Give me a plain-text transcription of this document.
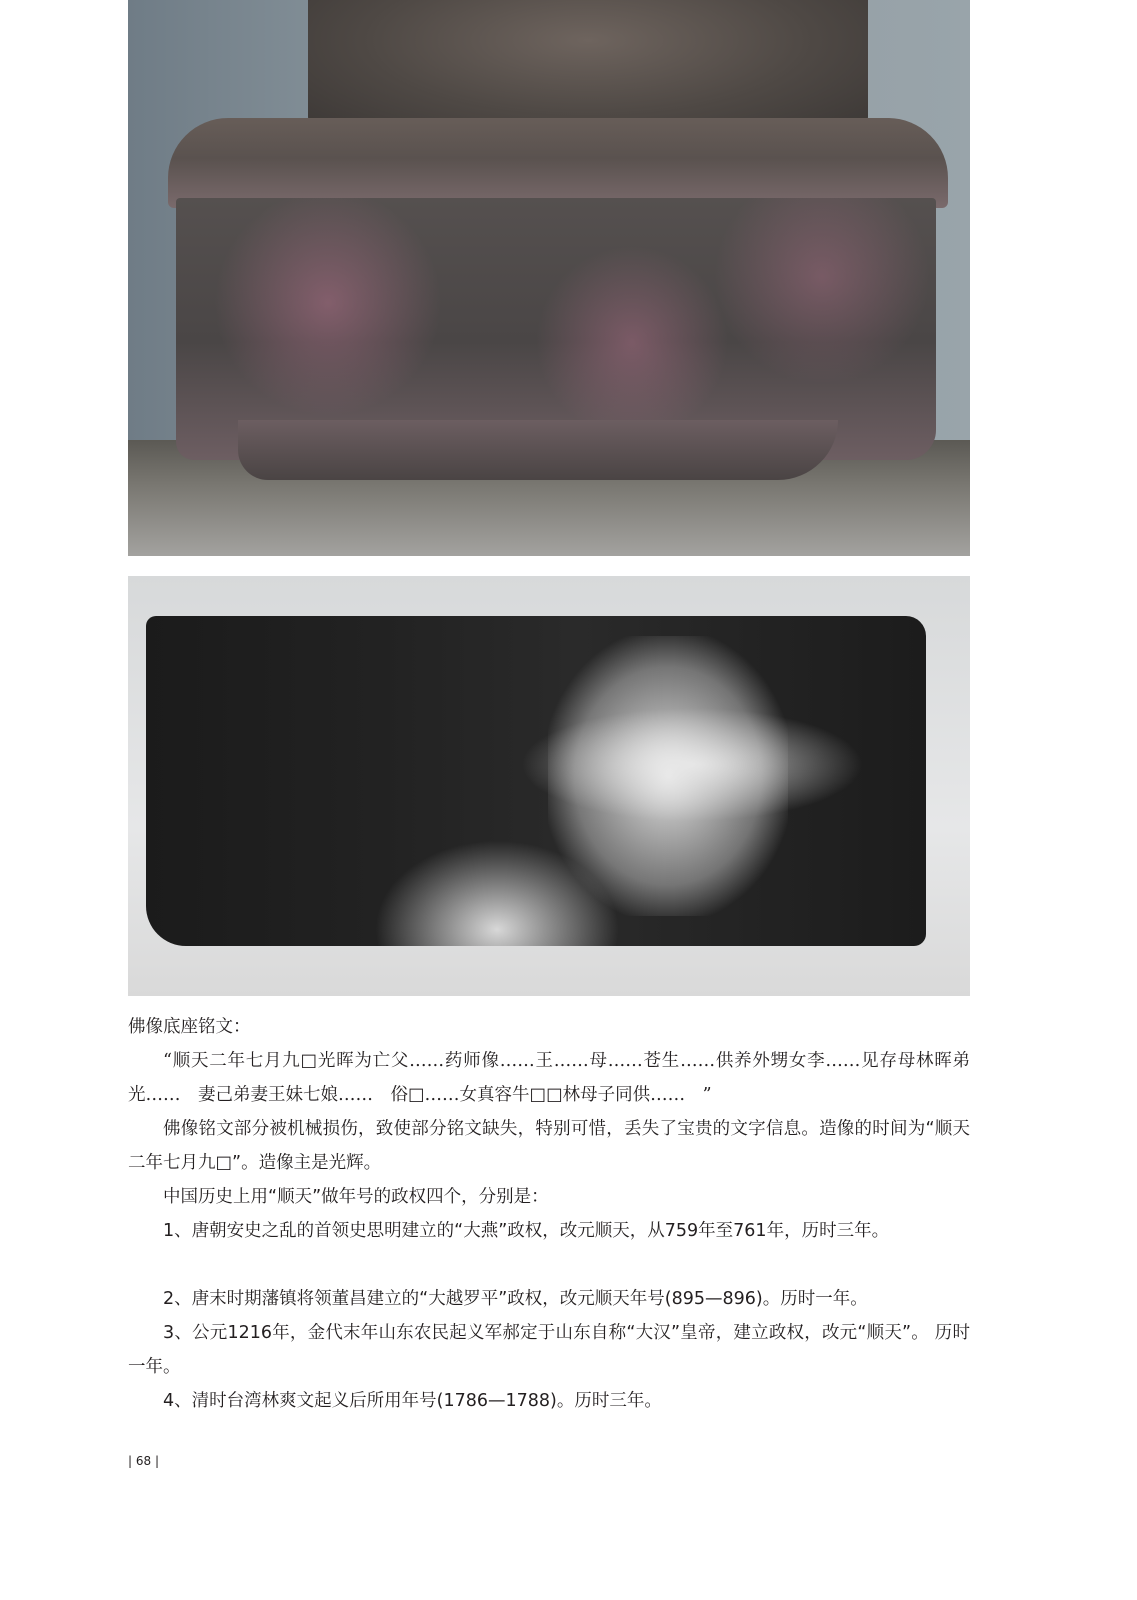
佛像底座铭文：
“顺天二年七月九□光晖为亡父……药师像……王……母……苍生……供养外甥女李……见存母林晖弟光……　妻己弟妻王妹七娘……　俗□……女真容牛□□林母子同供……　”
佛像铭文部分被机械损伤，致使部分铭文缺失，特别可惜，丢失了宝贵的文字信息。造像的时间为“顺天二年七月九□”。造像主是光辉。
中国历史上用“顺天”做年号的政权四个，分别是：
1、唐朝安史之乱的首领史思明建立的“大燕”政权，改元顺天，从759年至761年，历时三年。
2、唐末时期藩镇将领董昌建立的“大越罗平”政权，改元顺天年号(895—896)。历时一年。
3、公元1216年，金代末年山东农民起义军郝定于山东自称“大汉”皇帝，建立政权，改元“顺天”。 历时一年。
4、清时台湾林爽文起义后所用年号(1786—1788)。历时三年。
| 68 |
